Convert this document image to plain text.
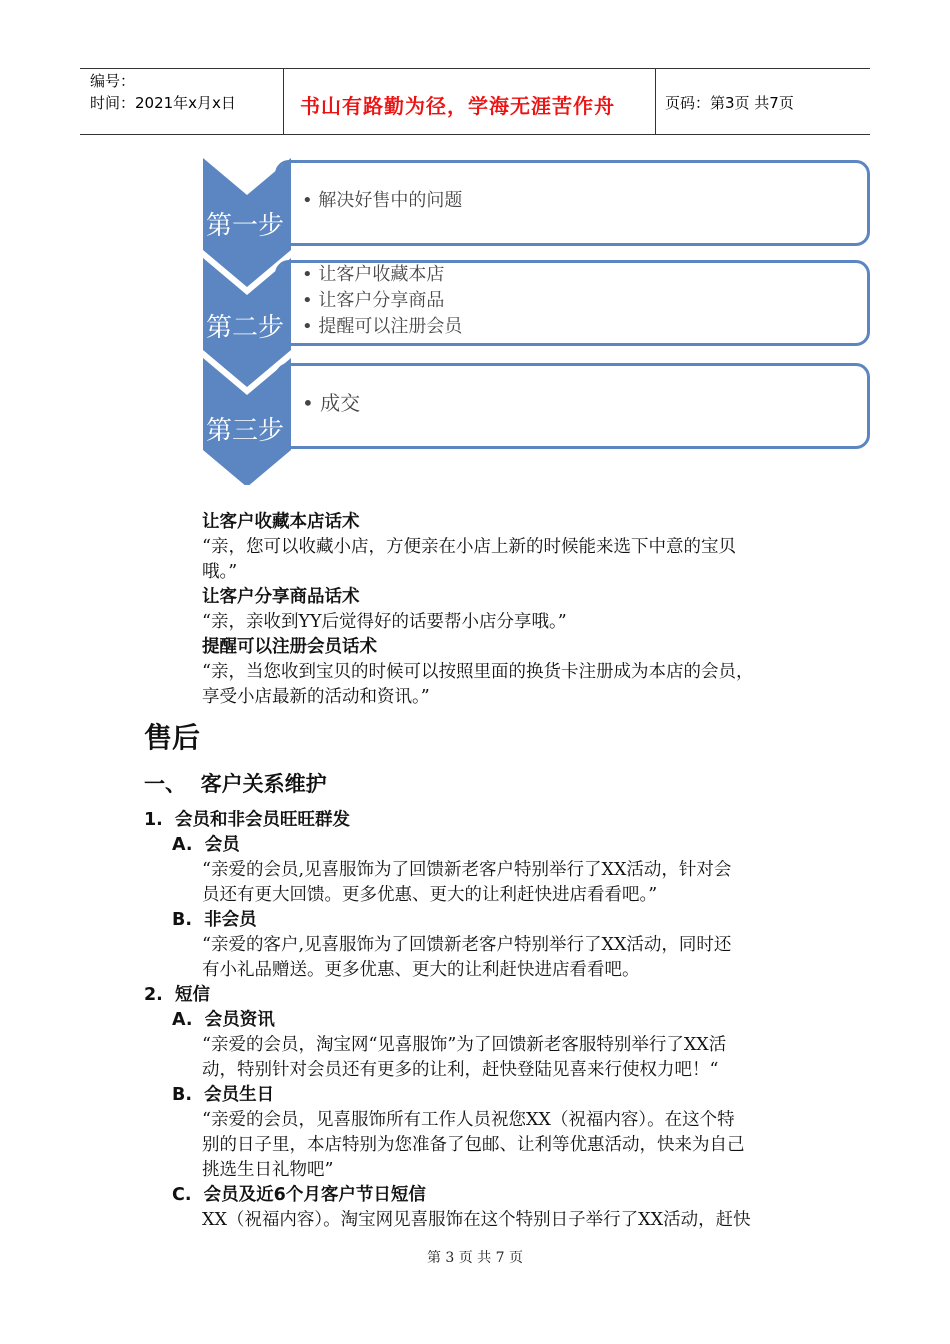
编号：
时间：2021年x月x日	书山有路勤为径，学海无涯苦作舟	页码：第3页 共7页
第一步
第二步
第三步
• 解决好售中的问题
• 让客户收藏本店
• 让客户分享商品
• 提醒可以注册会员
• 成交
让客户收藏本店话术
“亲，您可以收藏小店，方便亲在小店上新的时候能来选下中意的宝贝
哦。”
让客户分享商品话术
“亲，亲收到YY后觉得好的话要帮小店分享哦。”
提醒可以注册会员话术
“亲，当您收到宝贝的时候可以按照里面的换货卡注册成为本店的会员，
享受小店最新的活动和资讯。”
售后
一、  客户关系维护
1.  会员和非会员旺旺群发
A.  会员
“亲爱的会员,见喜服饰为了回馈新老客户特别举行了XX活动，针对会
员还有更大回馈。更多优惠、更大的让利赶快进店看看吧。”
B.  非会员
“亲爱的客户,见喜服饰为了回馈新老客户特别举行了XX活动，同时还
有小礼品赠送。更多优惠、更大的让利赶快进店看看吧。
2.  短信
A.  会员资讯
“亲爱的会员，淘宝网“见喜服饰”为了回馈新老客服特别举行了XX活
动，特别针对会员还有更多的让利，赶快登陆见喜来行使权力吧！“
B.  会员生日
“亲爱的会员，见喜服饰所有工作人员祝您XX（祝福内容）。在这个特
别的日子里，本店特别为您准备了包邮、让利等优惠活动，快来为自己
挑选生日礼物吧”
C.  会员及近6个月客户节日短信
XX（祝福内容）。淘宝网见喜服饰在这个特别日子举行了XX活动，赶快
第 3 页 共 7 页
